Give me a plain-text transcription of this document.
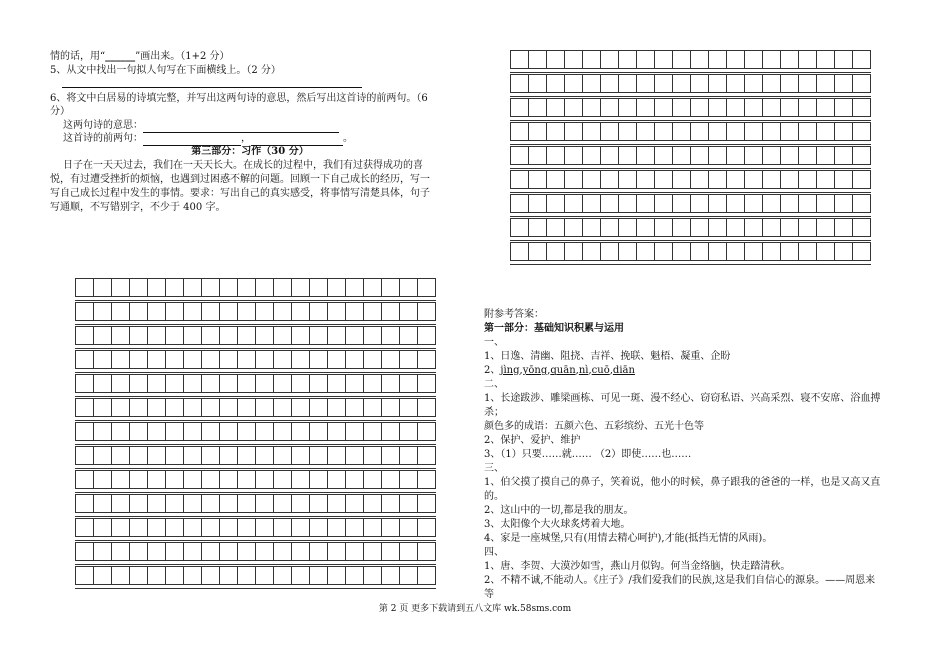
情的话，用“______”画出来。（1+2 分）
5、从文中找出一句拟人句写在下面横线上。（2 分）
6、将文中白居易的诗填完整，并写出这两句诗的意思，然后写出这首诗的前两句。（6
分）
这两句诗的意思：
这首诗的前两句：	，	。
第三部分：习作（30 分）
日子在一天天过去，我们在一天天长大。在成长的过程中，我们有过获得成功的喜
悦，有过遭受挫折的烦恼，也遇到过困惑不解的问题。回顾一下自己成长的经历，写一
写自己成长过程中发生的事情。要求：写出自己的真实感受，将事情写清楚具体，句子
写通顺，不写错别字，不少于 400 字。
附参考答案：
第一部分：基础知识积累与运用
一、
1、日逸、清幽、阻挠、吉祥、挽联、魁梧、凝重、企盼
2、jìng,yōng,quān,nì,cuō,diān
二、
1、长途跋涉、雕梁画栋、可见一斑、漫不经心、窃窃私语、兴高采烈、寝不安席、浴血搏
杀；
颜色多的成语：五颜六色、五彩缤纷、五光十色等
2、保护、爱护、维护
3、（1）只要……就…… （2）即使……也……
三、
1、伯父摸了摸自己的鼻子，笑着说，他小的时候，鼻子跟我的爸爸的一样，也是又高又直
的。
2、这山中的一切,都是我的朋友。
3、太阳像个大火球炙烤着大地。
4、家是一座城堡,只有(用情去精心呵护),才能(抵挡无情的风雨)。
四、
1、唐、李贺、大漠沙如雪，燕山月似钩。何当金络脑，快走踏清秋。
2、不精不诚,不能动人。《庄子》/我们爱我们的民族,这是我们自信心的源泉。——周恩来
等
第 2 页 更多下载请到五八文库 wk.58sms.com
